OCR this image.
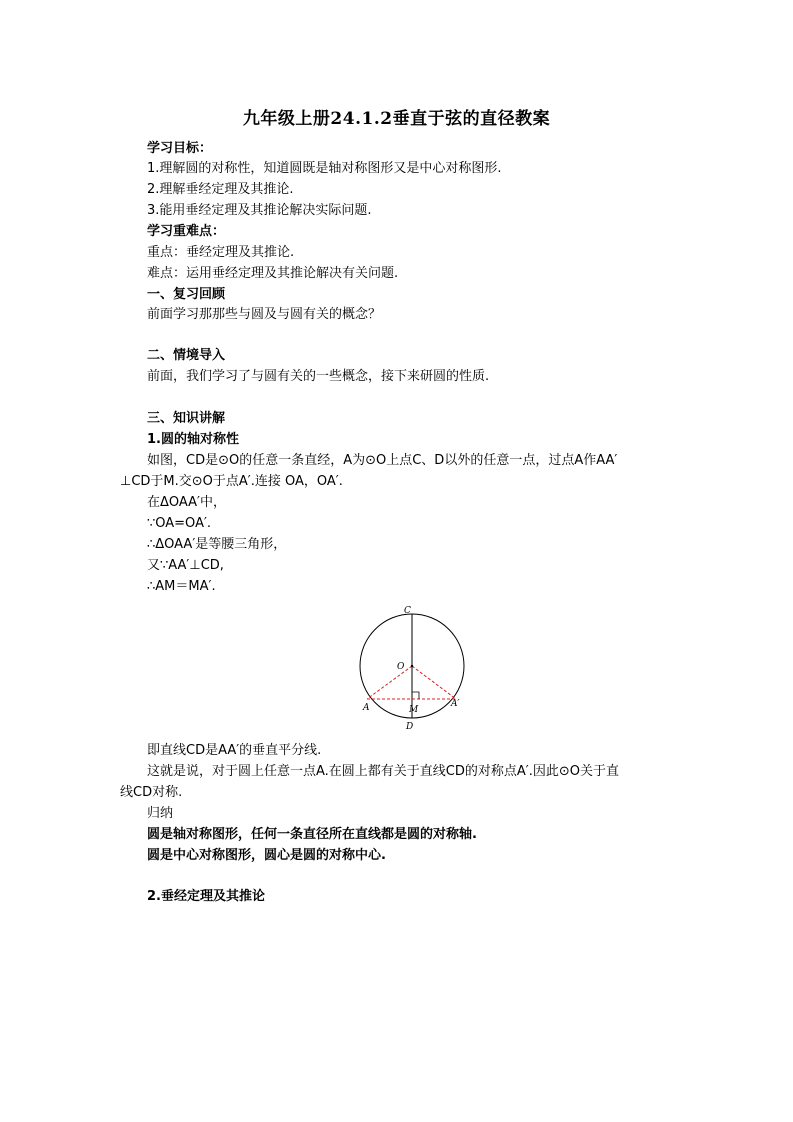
九年级上册24.1.2垂直于弦的直径教案
学习目标：
1.理解圆的对称性，知道圆既是轴对称图形又是中心对称图形.
2.理解垂经定理及其推论.
3.能用垂经定理及其推论解决实际问题.
学习重难点：
重点：垂经定理及其推论.
难点：运用垂经定理及其推论解决有关问题.
一、复习回顾
前面学习那那些与圆及与圆有关的概念？
二、情境导入
前面，我们学习了与圆有关的一些概念，接下来研圆的性质.
三、知识讲解
1.圆的轴对称性
如图，CD是⊙O的任意一条直经，A为⊙O上点C、D以外的任意一点，过点A作AA′
⊥CD于M.交⊙O于点A′.连接 OA，OA′.
在ΔOAA′中，
∵OA=OA′.
∴ΔOAA′是等腰三角形，
又∵AA′⊥CD,
∴AM＝MA′.
C
O
A	A′
M
D
即直线CD是AA′的垂直平分线.
这就是说，对于圆上任意一点A.在圆上都有关于直线CD的对称点A′.因此⊙O关于直
线CD对称.
归纳
圆是轴对称图形，任何一条直径所在直线都是圆的对称轴.
圆是中心对称图形，圆心是圆的对称中心.
2.垂经定理及其推论
